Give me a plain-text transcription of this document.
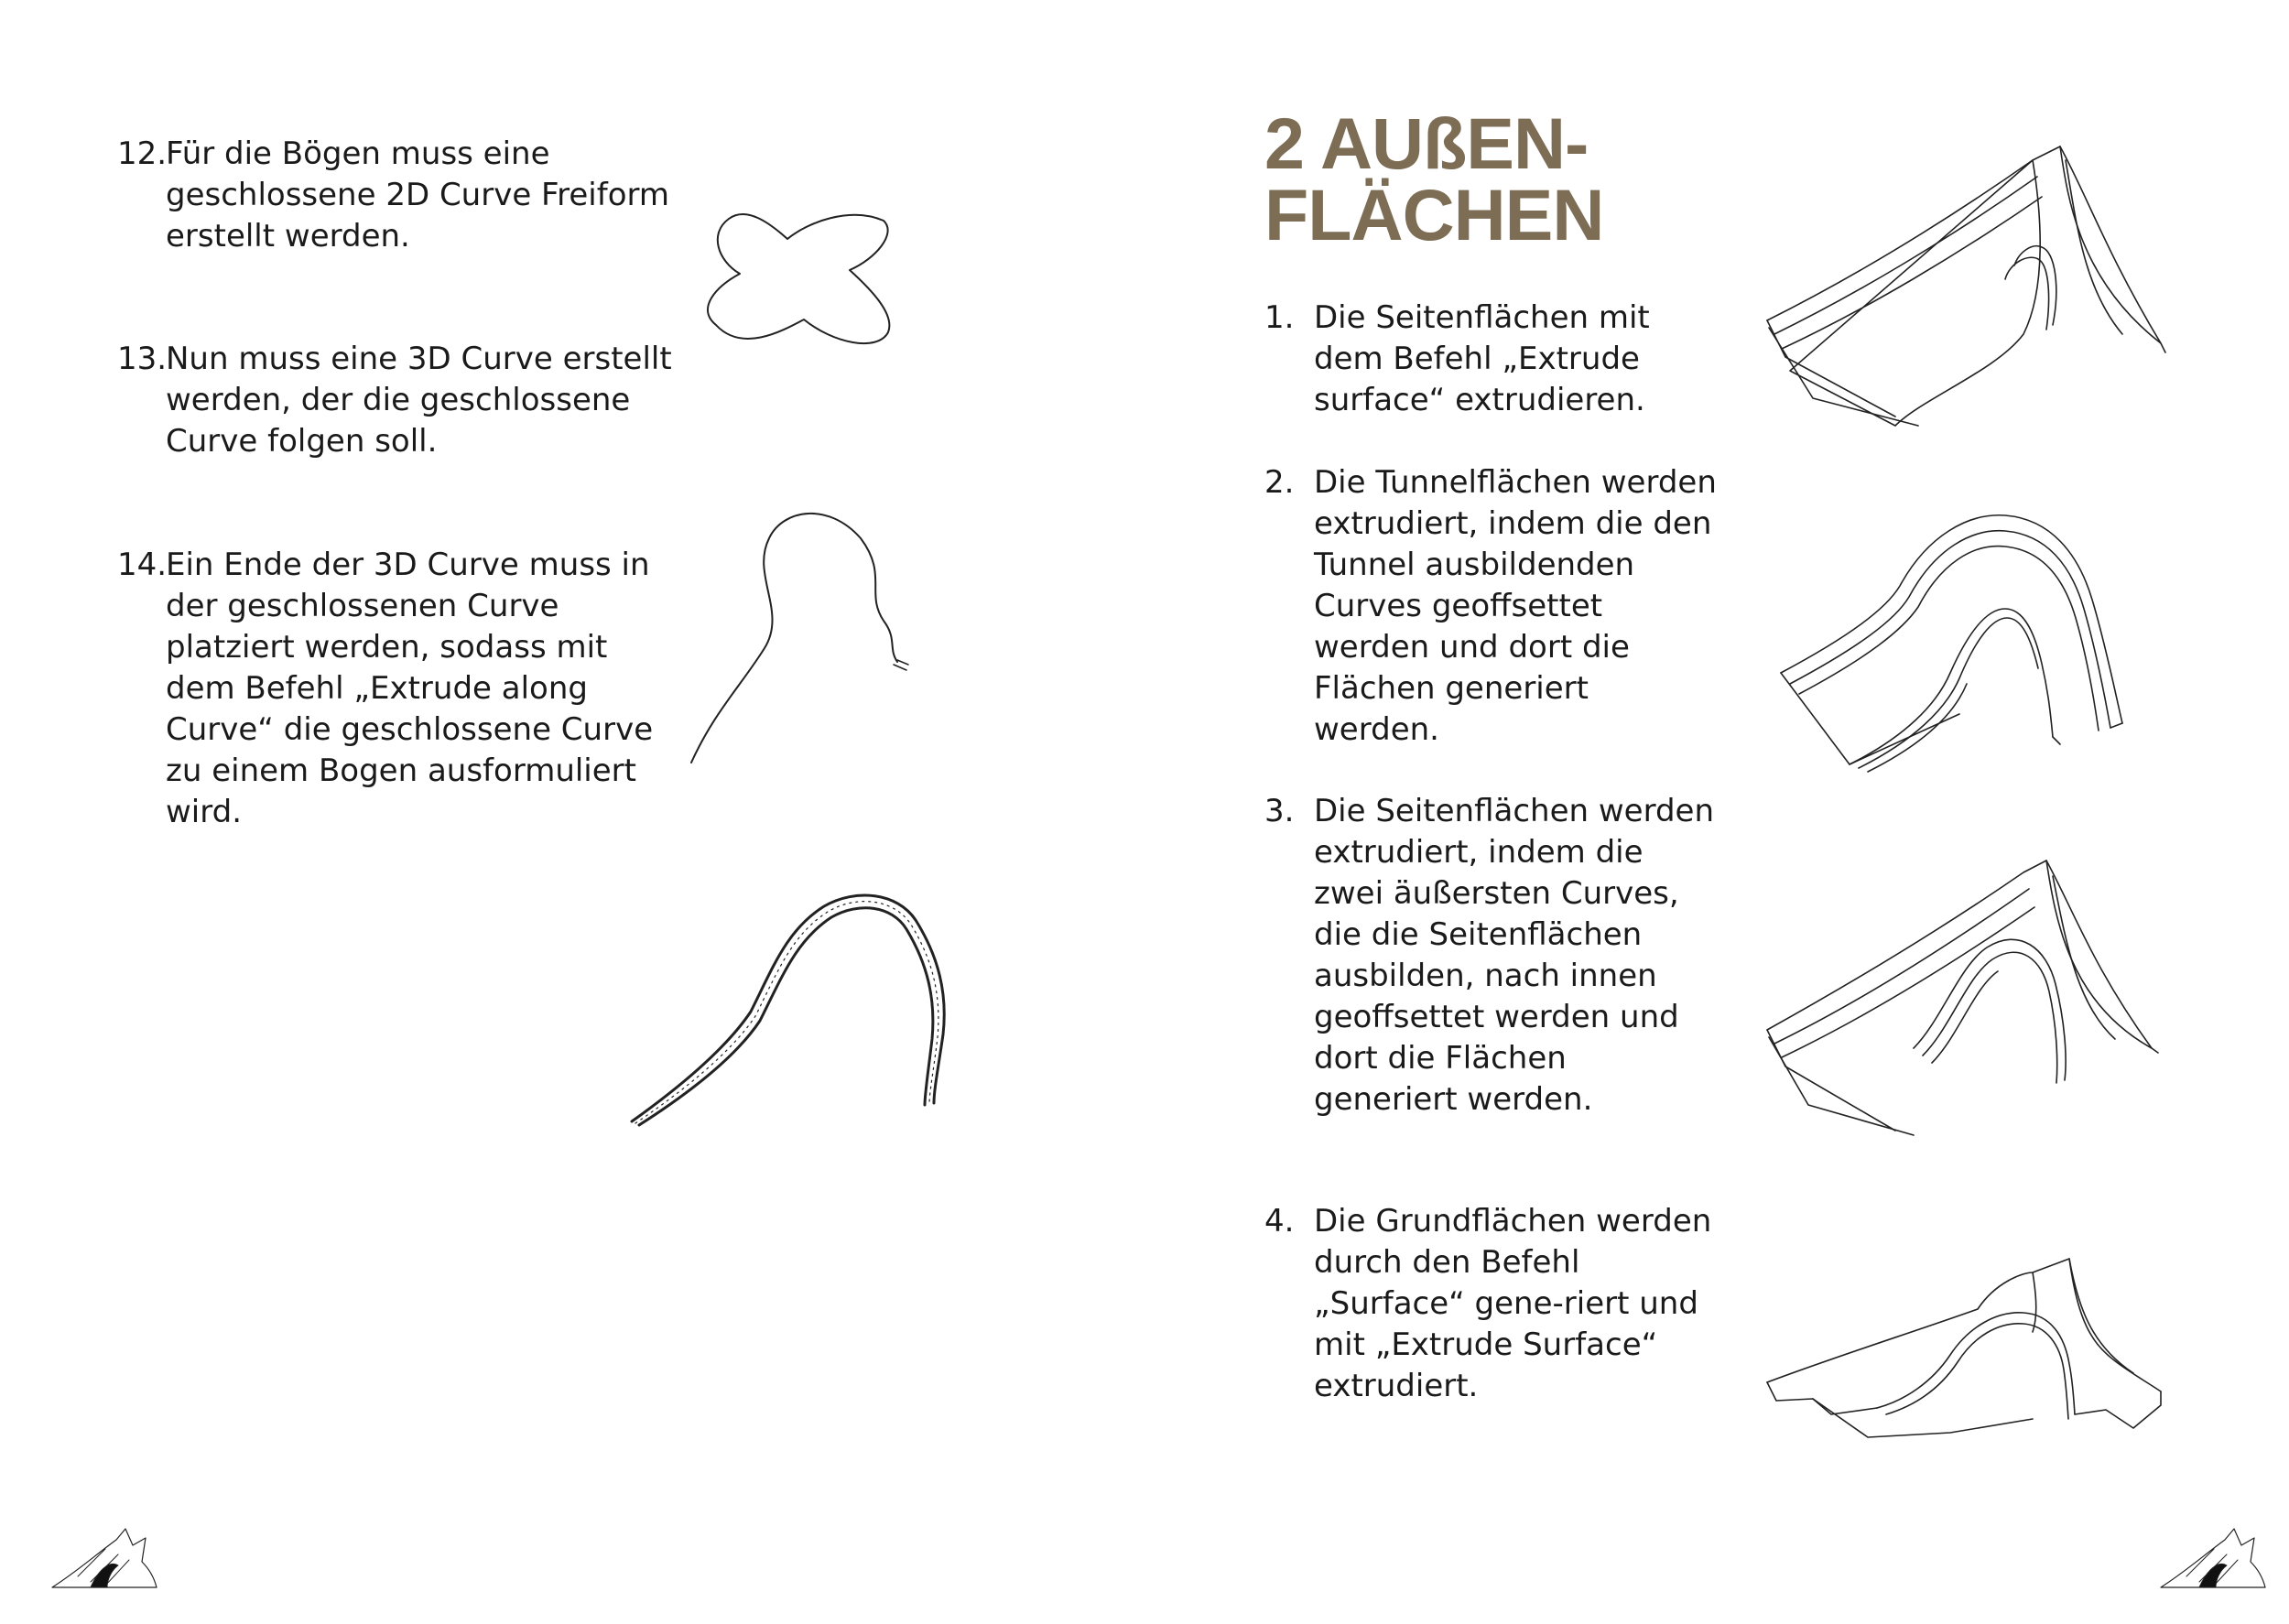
12.
Für die Bögen muss eine geschlossene 2D Curve Freiform erstellt werden.

13.
Nun muss eine 3D Curve erstellt werden, der die geschlossene Curve folgen soll.

14.
Ein Ende der 3D Curve muss in der geschlossenen Curve platziert werden, sodass mit dem Befehl „Extrude along Curve“ die geschlossene Curve zu einem Bogen ausformuliert wird.

2 AUßEN-
FLÄCHEN

1. Die Seitenflächen mit dem Befehl „Extrude surface“ extrudieren.

2. Die Tunnelflächen werden extrudiert, indem die den Tunnel ausbildenden Curves geoffsettet werden und dort die Flächen generiert werden.

3. Die Seitenflächen werden extrudiert, indem die zwei äußersten Curves, die die Seitenflächen ausbilden, nach innen geoffsettet werden und dort die Flächen generiert werden.

4. Die Grundflächen werden durch den Befehl „Surface“ gene-riert und mit „Extrude Surface“ extrudiert.
